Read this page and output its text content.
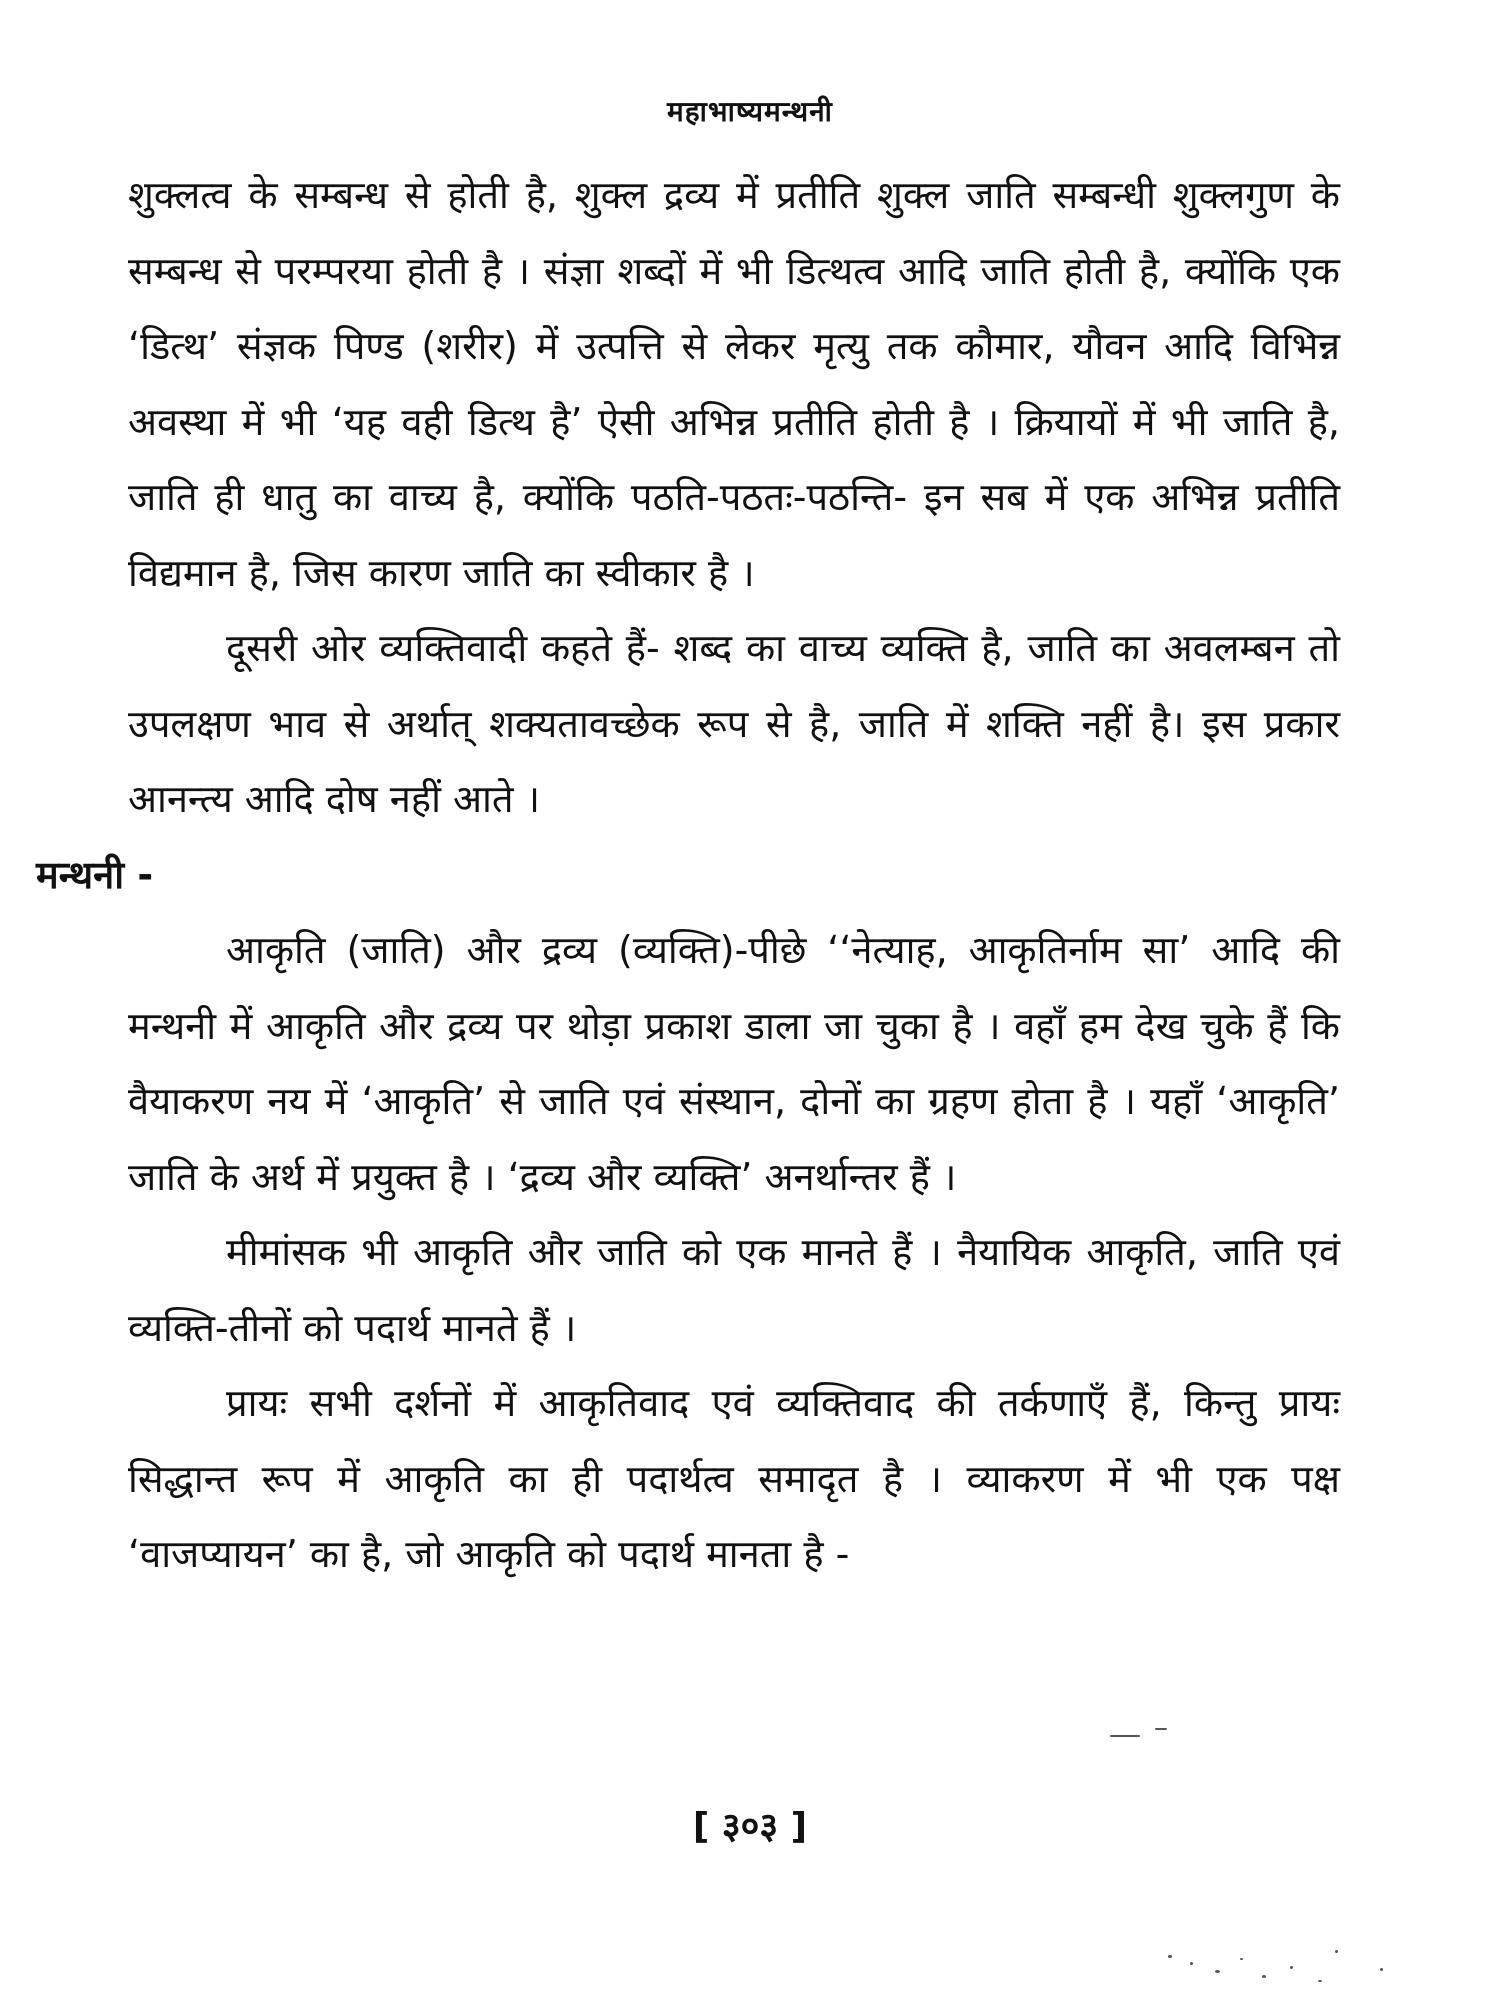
महाभाष्यमन्थनी

शुक्लत्व के सम्बन्ध से होती है, शुक्ल द्रव्य में प्रतीति शुक्ल जाति सम्बन्धी शुक्लगुण के सम्बन्ध से परम्परया होती है । संज्ञा शब्दों में भी डित्थत्व आदि जाति होती है, क्योंकि एक ‘डित्थ’ संज्ञक पिण्ड (शरीर) में उत्पत्ति से लेकर मृत्यु तक कौमार, यौवन आदि विभिन्न अवस्था में भी ‘यह वही डित्थ है’ ऐसी अभिन्न प्रतीति होती है । क्रियायों में भी जाति है, जाति ही धातु का वाच्य है, क्योंकि पठति-पठतः-पठन्ति- इन सब में एक अभिन्न प्रतीति विद्यमान है, जिस कारण जाति का स्वीकार है ।

दूसरी ओर व्यक्तिवादी कहते हैं- शब्द का वाच्य व्यक्ति है, जाति का अवलम्बन तो उपलक्षण भाव से अर्थात् शक्यतावच्छेक रूप से है, जाति में शक्ति नहीं है। इस प्रकार आनन्त्य आदि दोष नहीं आते ।

मन्थनी -

आकृति (जाति) और द्रव्य (व्यक्ति)-पीछे ‘‘नेत्याह, आकृतिर्नाम सा’ आदि की मन्थनी में आकृति और द्रव्य पर थोड़ा प्रकाश डाला जा चुका है । वहाँ हम देख चुके हैं कि वैयाकरण नय में ‘आकृति’ से जाति एवं संस्थान, दोनों का ग्रहण होता है । यहाँ ‘आकृति’ जाति के अर्थ में प्रयुक्त है । ‘द्रव्य और व्यक्ति’ अनर्थान्तर हैं ।

मीमांसक भी आकृति और जाति को एक मानते हैं । नैयायिक आकृति, जाति एवं व्यक्ति-तीनों को पदार्थ मानते हैं ।

प्रायः सभी दर्शनों में आकृतिवाद एवं व्यक्तिवाद की तर्कणाएँ हैं, किन्तु प्रायः सिद्धान्त रूप में आकृति का ही पदार्थत्व समादृत है । व्याकरण में भी एक पक्ष ‘वाजप्यायन’ का है, जो आकृति को पदार्थ मानता है -

[ ३०३ ]
